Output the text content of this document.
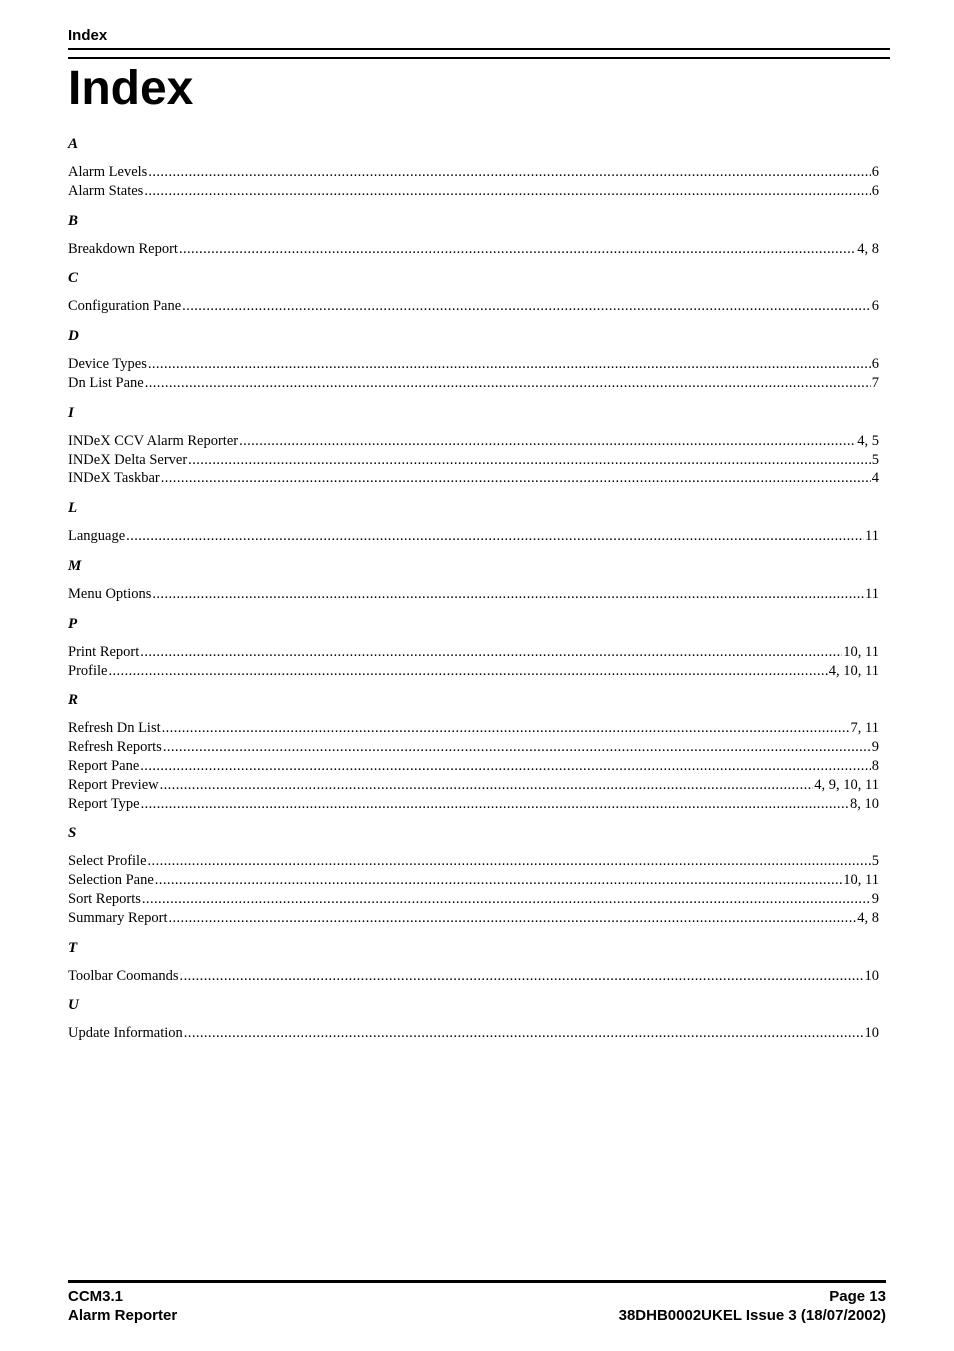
Index
Index
A
Alarm Levels .....	6
Alarm States .....	6
B
Breakdown Report .....	4, 8
C
Configuration Pane .....	6
D
Device Types .....	6
Dn List Pane .....	7
I
INDeX CCV Alarm Reporter .....	4, 5
INDeX Delta Server .....	5
INDeX Taskbar .....	4
L
Language .....	11
M
Menu Options .....	11
P
Print Report .....	10, 11
Profile .....	4, 10, 11
R
Refresh Dn List .....	7, 11
Refresh Reports .....	9
Report Pane .....	8
Report Preview .....	4, 9, 10, 11
Report Type .....	8, 10
S
Select Profile .....	5
Selection Pane .....	10, 11
Sort Reports .....	9
Summary Report .....	4, 8
T
Toolbar Coomands .....	10
U
Update Information .....	10
CCM3.1
Alarm Reporter
Page 13
38DHB0002UKEL Issue 3 (18/07/2002)
